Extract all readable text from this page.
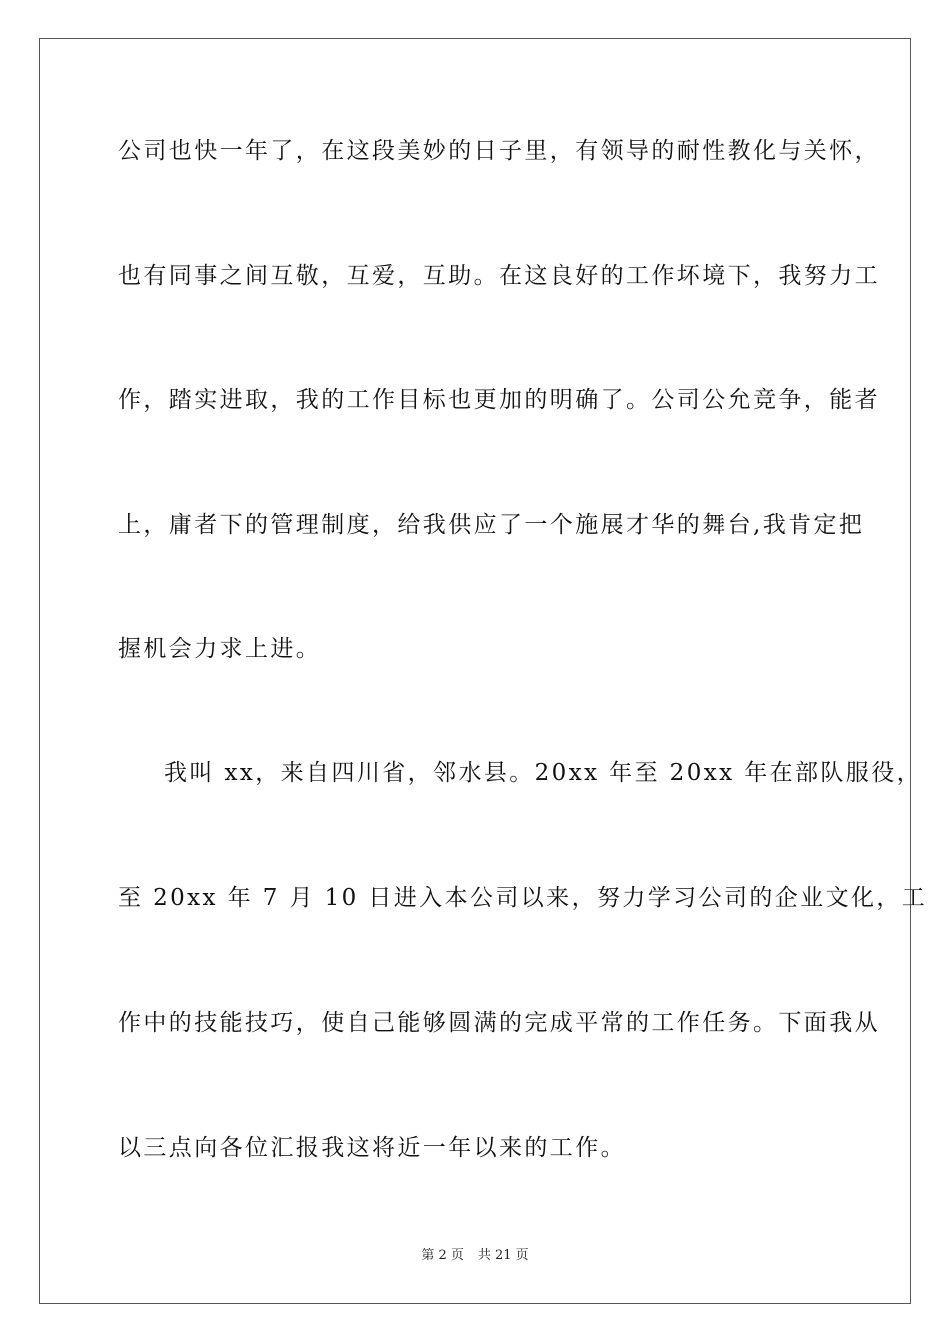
公司也快一年了，在这段美妙的日子里，有领导的耐性教化与关怀，
也有同事之间互敬，互爱，互助。在这良好的工作坏境下，我努力工
作，踏实进取，我的工作目标也更加的明确了。公司公允竞争，能者
上，庸者下的管理制度，给我供应了一个施展才华的舞台,我肯定把
握机会力求上进。
我叫 xx，来自四川省，邻水县。20xx 年至 20xx 年在部队服役，
至 20xx 年 7 月 10 日进入本公司以来，努力学习公司的企业文化，工
作中的技能技巧，使自己能够圆满的完成平常的工作任务。下面我从
以三点向各位汇报我这将近一年以来的工作。
第 2 页 共 21 页
